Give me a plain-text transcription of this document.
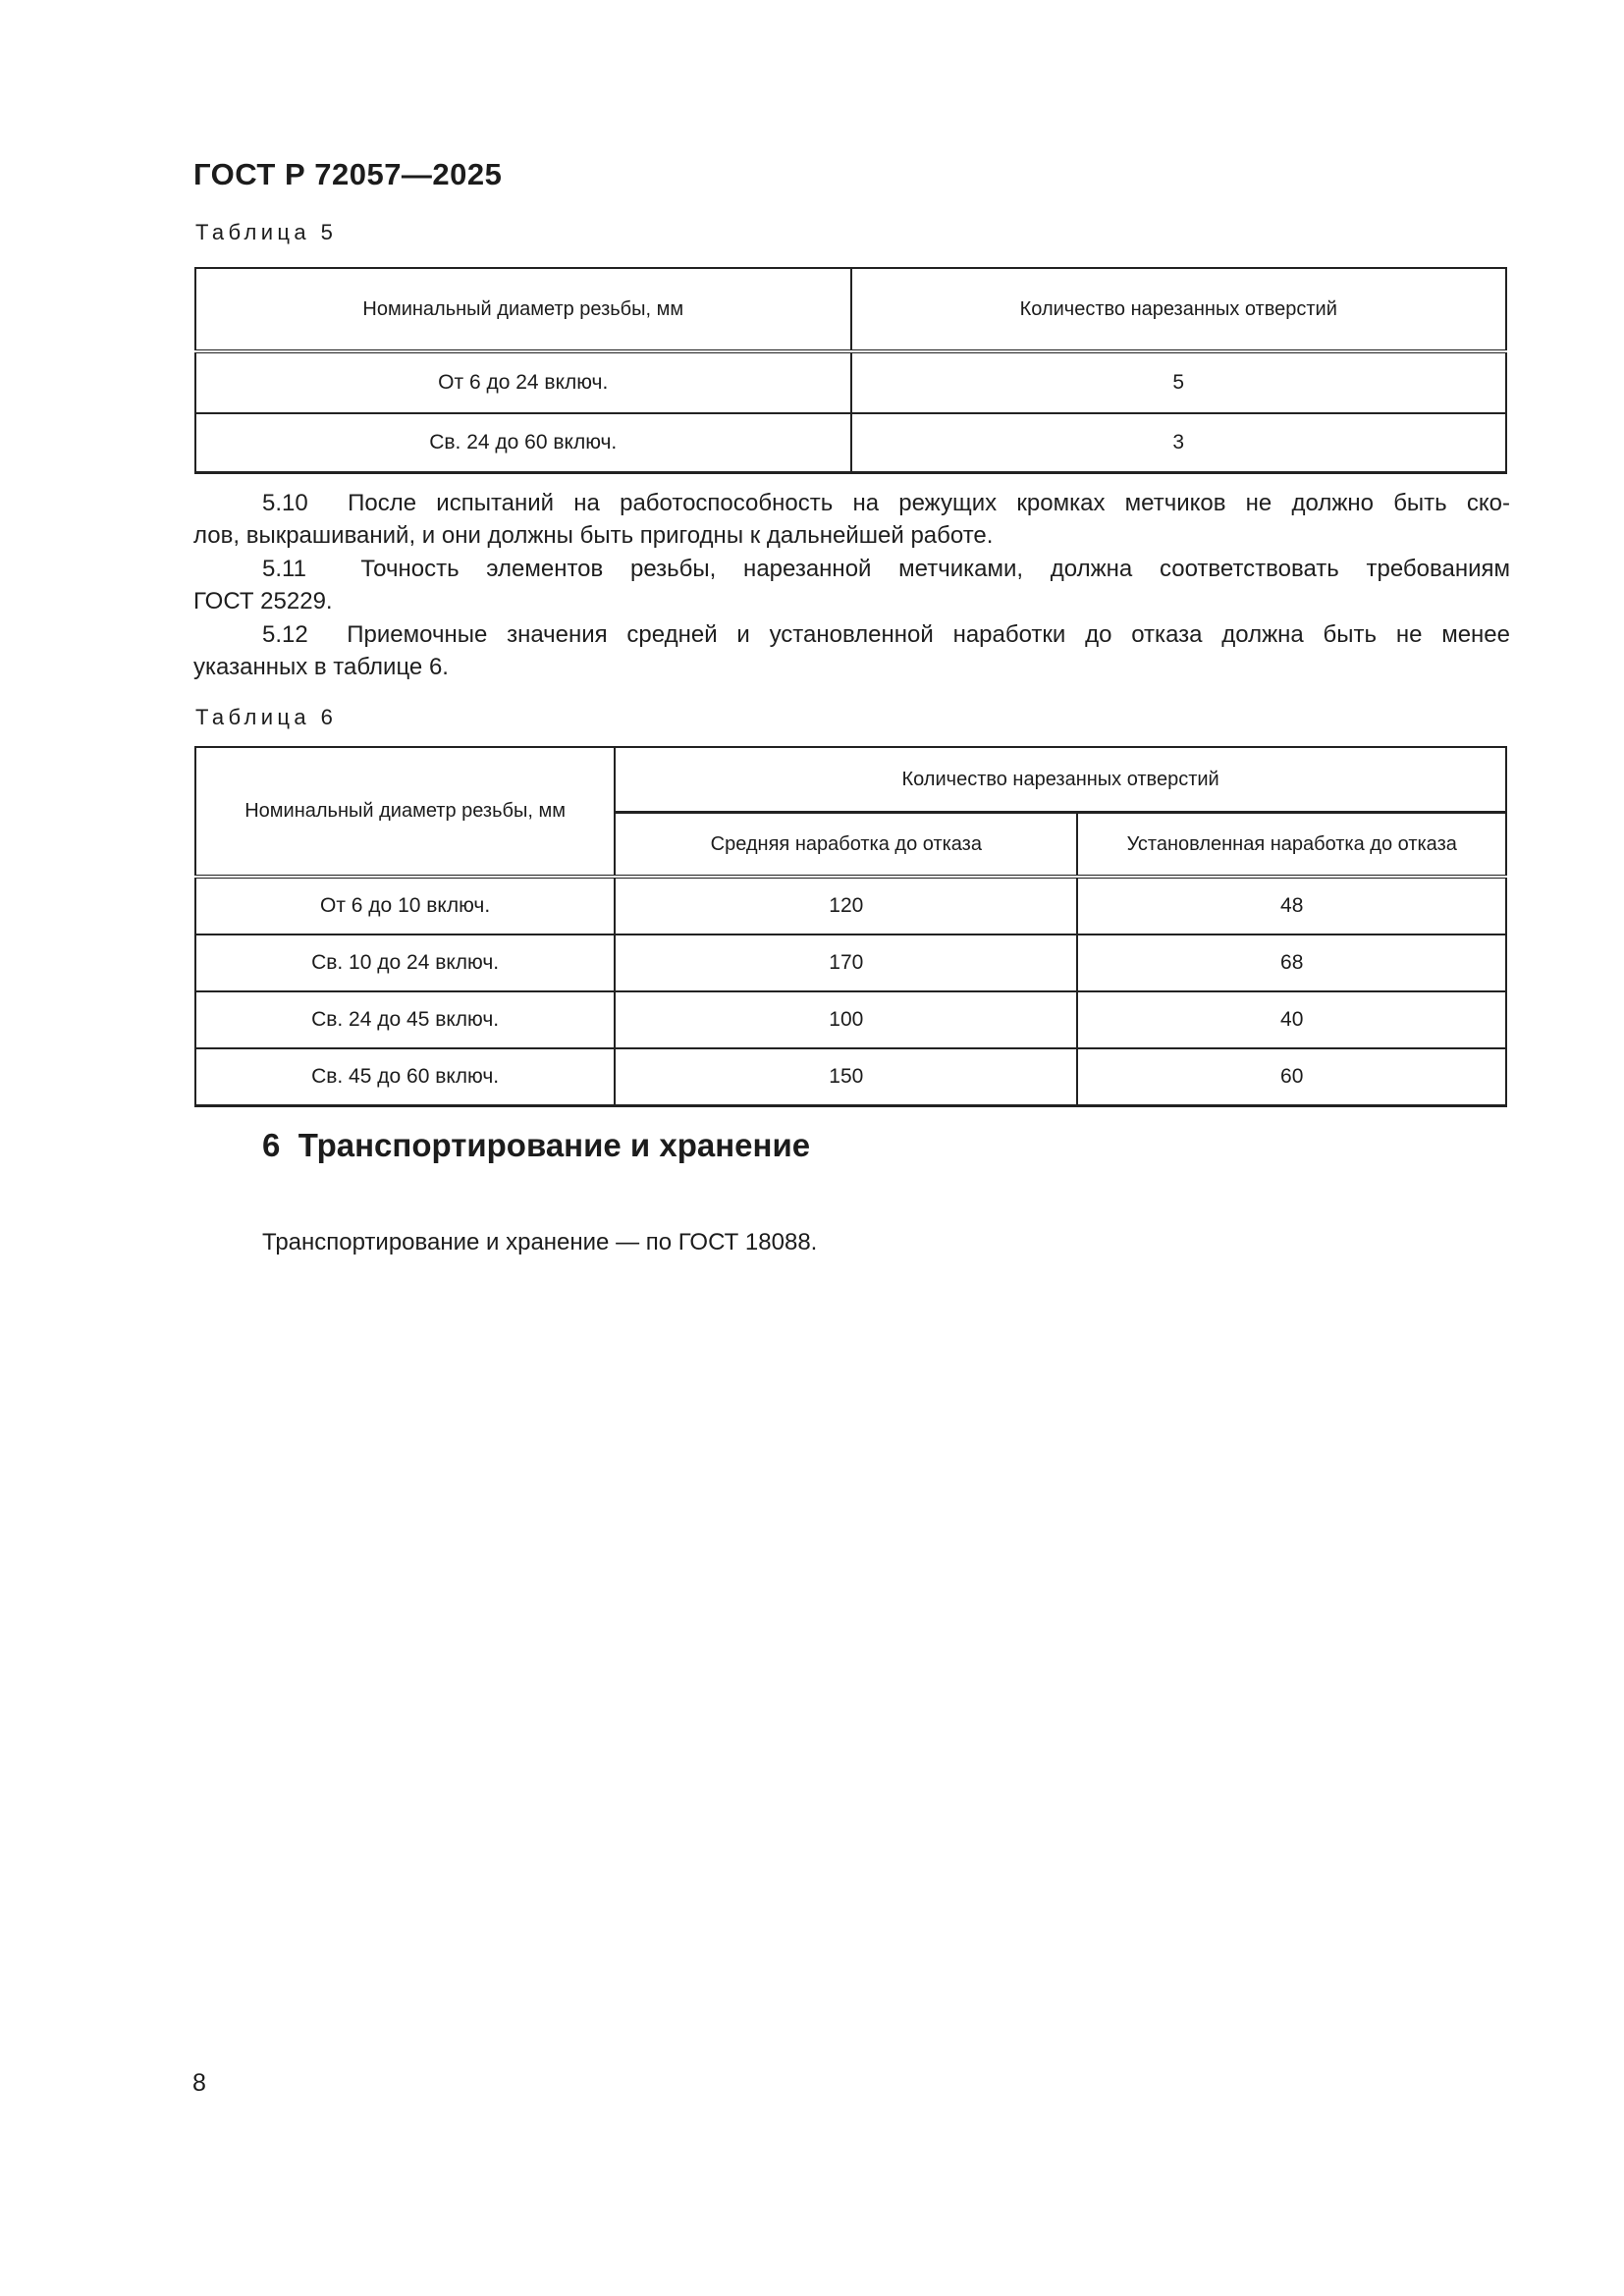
ГОСТ Р 72057—2025
Таблица 5
Номинальный диаметр резьбы, мм	Количество нарезанных отверстий
От 6 до 24 включ.	5
Св. 24 до 60 включ.	3
5.10  После испытаний на работоспособность на режущих кромках метчиков не должно быть ско-
лов, выкрашиваний, и они должны быть пригодны к дальнейшей работе.
5.11  Точность элементов резьбы, нарезанной метчиками, должна соответствовать требованиям
ГОСТ 25229.
5.12  Приемочные значения средней и установленной наработки до отказа должна быть не менее
указанных в таблице 6.
Таблица 6
Номинальный диаметр резьбы, мм	Количество нарезанных отверстий	
	Средняя наработка до отказа	Установленная наработка до отказа
От 6 до 10 включ.	120	48
Св. 10 до 24 включ.	170	68
Св. 24 до 45 включ.	100	40
Св. 45 до 60 включ.	150	60
6  Транспортирование и хранение
Транспортирование и хранение — по ГОСТ 18088.
8
